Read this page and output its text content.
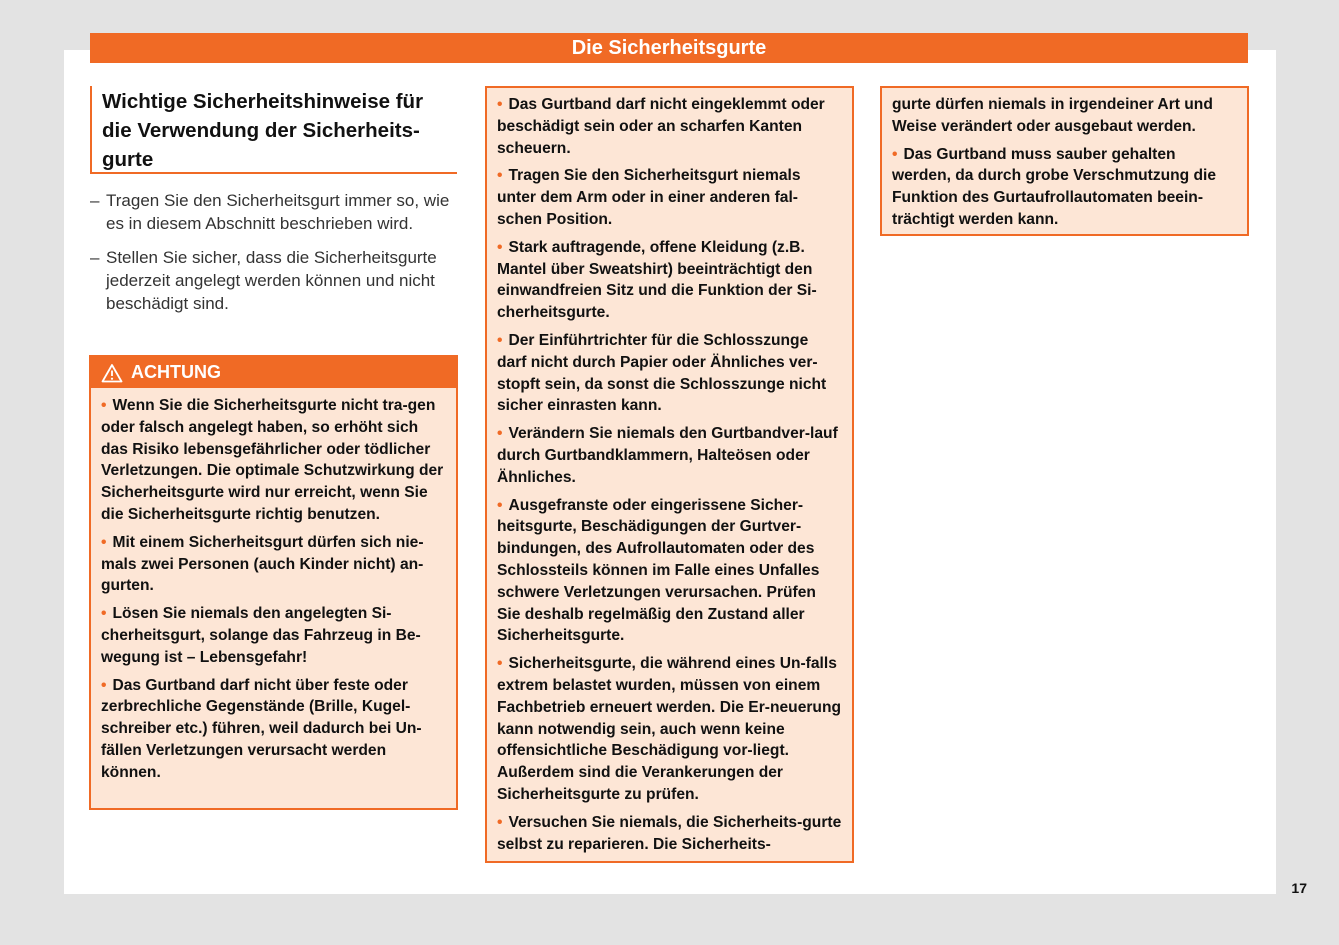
Die Sicherheitsgurte
Wichtige Sicherheitshinweise für die Verwendung der Sicherheits-gurte
– Tragen Sie den Sicherheitsgurt immer so, wie es in diesem Abschnitt beschrieben wird.
– Stellen Sie sicher, dass die Sicherheitsgurte jederzeit angelegt werden können und nicht beschädigt sind.
ACHTUNG
• Wenn Sie die Sicherheitsgurte nicht tra-gen oder falsch angelegt haben, so erhöht sich das Risiko lebensgefährlicher oder tödlicher Verletzungen. Die optimale Schutzwirkung der Sicherheitsgurte wird nur erreicht, wenn Sie die Sicherheitsgurte richtig benutzen.
• Mit einem Sicherheitsgurt dürfen sich nie-mals zwei Personen (auch Kinder nicht) an-gurten.
• Lösen Sie niemals den angelegten Si-cherheitsgurt, solange das Fahrzeug in Be-wegung ist – Lebensgefahr!
• Das Gurtband darf nicht über feste oder zerbrechliche Gegenstände (Brille, Kugel-schreiber etc.) führen, weil dadurch bei Un-fällen Verletzungen verursacht werden können.
• Das Gurtband darf nicht eingeklemmt oder beschädigt sein oder an scharfen Kanten scheuern.
• Tragen Sie den Sicherheitsgurt niemals unter dem Arm oder in einer anderen fal-schen Position.
• Stark auftragende, offene Kleidung (z.B. Mantel über Sweatshirt) beeinträchtigt den einwandfreien Sitz und die Funktion der Si-cherheitsgurte.
• Der Einführtrichter für die Schlosszunge darf nicht durch Papier oder Ähnliches ver-stopft sein, da sonst die Schlosszunge nicht sicher einrasten kann.
• Verändern Sie niemals den Gurtbandver-lauf durch Gurtbandklammern, Halteösen oder Ähnliches.
• Ausgefranste oder eingerissene Sicher-heitsgurte, Beschädigungen der Gurtver-bindungen, des Aufrollautomaten oder des Schlossteils können im Falle eines Unfalles schwere Verletzungen verursachen. Prüfen Sie deshalb regelmäßig den Zustand aller Sicherheitsgurte.
• Sicherheitsgurte, die während eines Un-falls extrem belastet wurden, müssen von einem Fachbetrieb erneuert werden. Die Er-neuerung kann notwendig sein, auch wenn keine offensichtliche Beschädigung vor-liegt. Außerdem sind die Verankerungen der Sicherheitsgurte zu prüfen.
• Versuchen Sie niemals, die Sicherheits-gurte selbst zu reparieren. Die Sicherheits-
gurte dürfen niemals in irgendeiner Art und Weise verändert oder ausgebaut werden.
• Das Gurtband muss sauber gehalten werden, da durch grobe Verschmutzung die Funktion des Gurtaufrollautomaten beein-trächtigt werden kann.
17
